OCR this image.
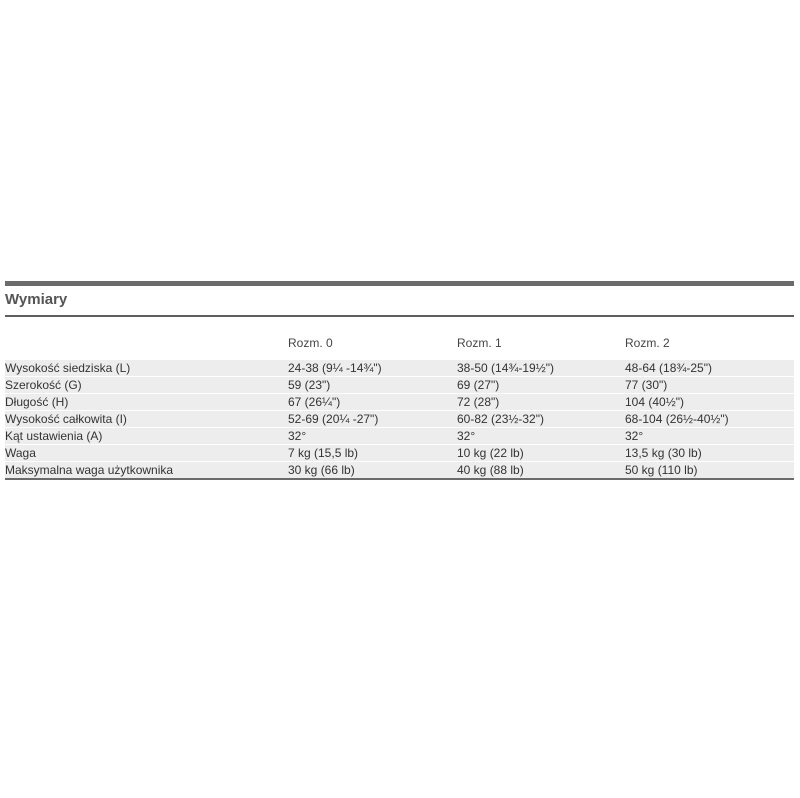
Wymiary
	Rozm. 0	Rozm. 1	Rozm. 2
Wysokość siedziska (L)	24-38 (9¼ -14¾")	38-50 (14¾-19½")	48-64 (18¾-25")
Szerokość (G)	59 (23")	69 (27")	77 (30")
Długość (H)	67 (26¼")	72 (28")	104 (40½")
Wysokość całkowita (I)	52-69 (20¼ -27")	60-82 (23½-32")	68-104 (26½-40½")
Kąt ustawienia (A)	32°	32°	32°
Waga	7 kg (15,5 lb)	10 kg (22 lb)	13,5 kg (30 lb)
Maksymalna waga użytkownika	30 kg (66 lb)	40 kg (88 lb)	50 kg (110 lb)
